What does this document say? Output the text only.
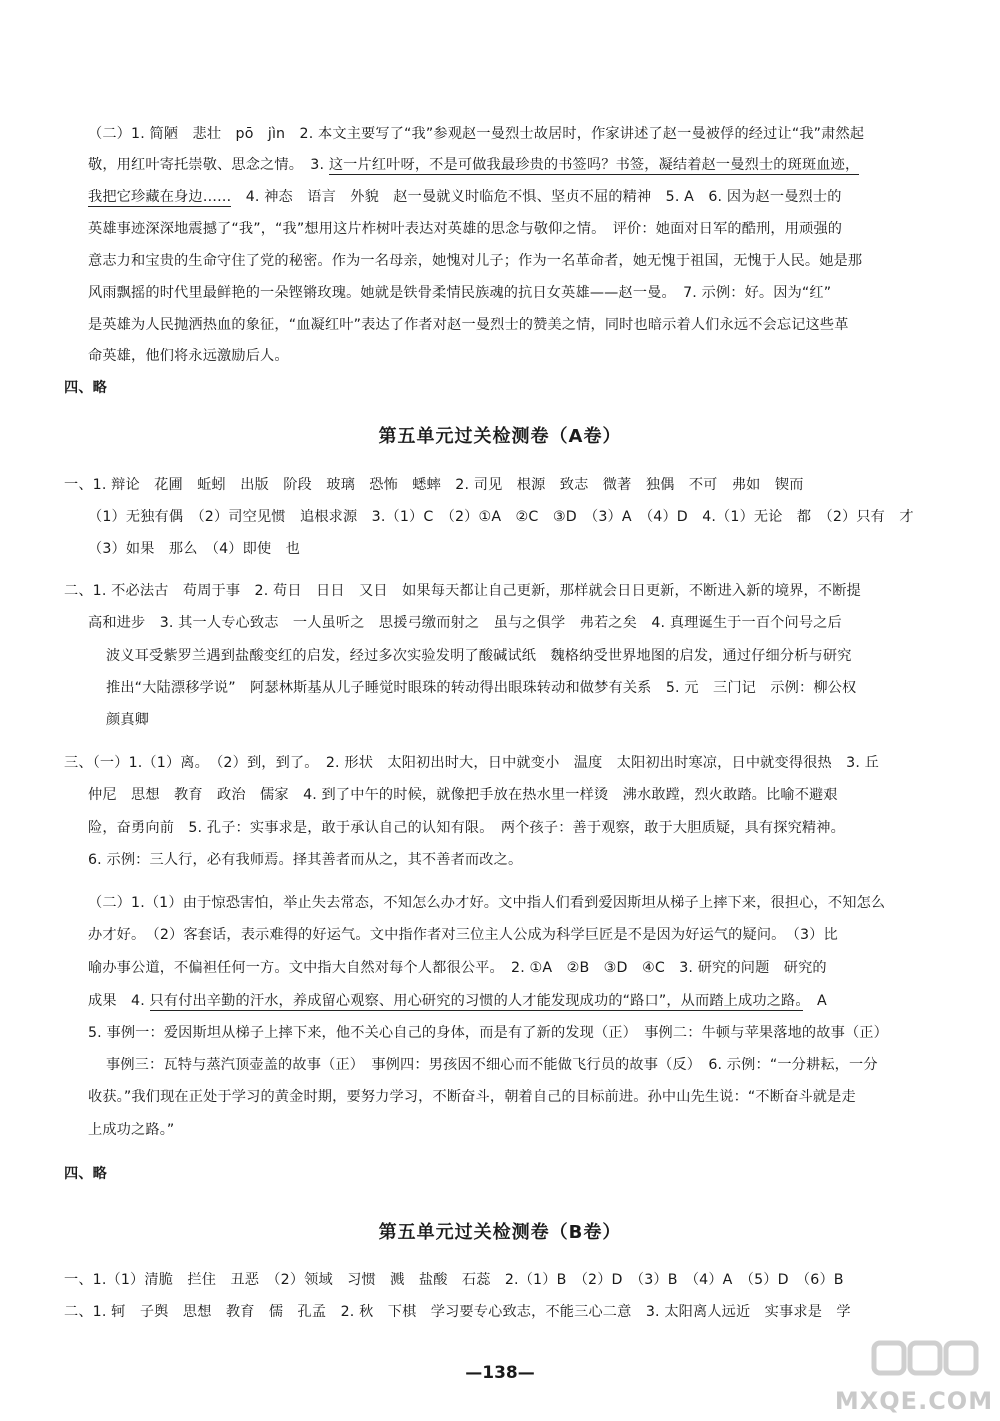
（二）1. 简陋　悲壮　pō　jìn　2. 本文主要写了“我”参观赵一曼烈士故居时，作家讲述了赵一曼被俘的经过让“我”肃然起
敬，用红叶寄托崇敬、思念之情。　3. 这一片红叶呀，不是可做我最珍贵的书签吗？书签，凝结着赵一曼烈士的斑斑血迹，
我把它珍藏在身边……　4. 神态　语言　外貌　赵一曼就义时临危不惧、坚贞不屈的精神　5. A　6. 因为赵一曼烈士的
英雄事迹深深地震撼了“我”，“我”想用这片柞树叶表达对英雄的思念与敬仰之情。　评价：她面对日军的酷刑，用顽强的
意志力和宝贵的生命守住了党的秘密。作为一名母亲，她愧对儿子；作为一名革命者，她无愧于祖国，无愧于人民。她是那
风雨飘摇的时代里最鲜艳的一朵铿锵玫瑰。她就是铁骨柔情民族魂的抗日女英雄——赵一曼。　7. 示例：好。因为“红”
是英雄为人民抛洒热血的象征，“血凝红叶”表达了作者对赵一曼烈士的赞美之情，同时也暗示着人们永远不会忘记这些革
命英雄，他们将永远激励后人。
四、略
第五单元过关检测卷（A卷）
一、1. 辩论　花圃　蚯蚓　出版　阶段　玻璃　恐怖　蟋蟀　2. 司见　根源　致志　微著　独偶　不可　弗如　锲而
（1）无独有偶　（2）司空见惯　追根求源　3.（1）C　（2）①A　②C　③D　（3）A　（4）D　4.（1）无论　都　（2）只有　才
（3）如果　那么　（4）即使　也
二、1. 不必法古　苟周于事　2. 苟日　日日　又日　如果每天都让自己更新，那样就会日日更新，不断进入新的境界，不断提
高和进步　3. 其一人专心致志　一人虽听之　思援弓缴而射之　虽与之俱学　弗若之矣　4. 真理诞生于一百个问号之后
波义耳受紫罗兰遇到盐酸变红的启发，经过多次实验发明了酸碱试纸　魏格纳受世界地图的启发，通过仔细分析与研究
推出“大陆漂移学说”　阿瑟林斯基从儿子睡觉时眼珠的转动得出眼珠转动和做梦有关系　5. 元　三门记　示例：柳公权
颜真卿
三、（一）1.（1）离。　（2）到，到了。　2. 形状　太阳初出时大，日中就变小　温度　太阳初出时寒凉，日中就变得很热　3. 丘
仲尼　思想　教育　政治　儒家　4. 到了中午的时候，就像把手放在热水里一样烫　沸水敢蹚，烈火敢踏。比喻不避艰
险，奋勇向前　5. 孔子：实事求是，敢于承认自己的认知有限。　两个孩子：善于观察，敢于大胆质疑，具有探究精神。
6. 示例：三人行，必有我师焉。择其善者而从之，其不善者而改之。
（二）1.（1）由于惊恐害怕，举止失去常态，不知怎么办才好。文中指人们看到爱因斯坦从梯子上摔下来，很担心，不知怎么
办才好。　（2）客套话，表示难得的好运气。文中指作者对三位主人公成为科学巨匠是不是因为好运气的疑问。　（3）比
喻办事公道，不偏袒任何一方。文中指大自然对每个人都很公平。　2. ①A　②B　③D　④C　3. 研究的问题　研究的
成果　4. 只有付出辛勤的汗水，养成留心观察、用心研究的习惯的人才能发现成功的“路口”，从而踏上成功之路。　A
5. 事例一：爱因斯坦从梯子上摔下来，他不关心自己的身体，而是有了新的发现（正）　事例二：牛顿与苹果落地的故事（正）
事例三：瓦特与蒸汽顶壶盖的故事（正）　事例四：男孩因不细心而不能做飞行员的故事（反）　6. 示例：“一分耕耘，一分
收获。”我们现在正处于学习的黄金时期，要努力学习，不断奋斗，朝着自己的目标前进。孙中山先生说：“不断奋斗就是走
上成功之路。”
四、略
第五单元过关检测卷（B卷）
一、1.（1）清脆　拦住　丑恶　（2）领域　习惯　溅　盐酸　石蕊　2.（1）B　（2）D　（3）B　（4）A　（5）D　（6）B
二、1. 轲　子舆　思想　教育　儒　孔孟　2. 秋　下棋　学习要专心致志，不能三心二意　3. 太阳离人远近　实事求是　学
—138—
MXQE.COM
